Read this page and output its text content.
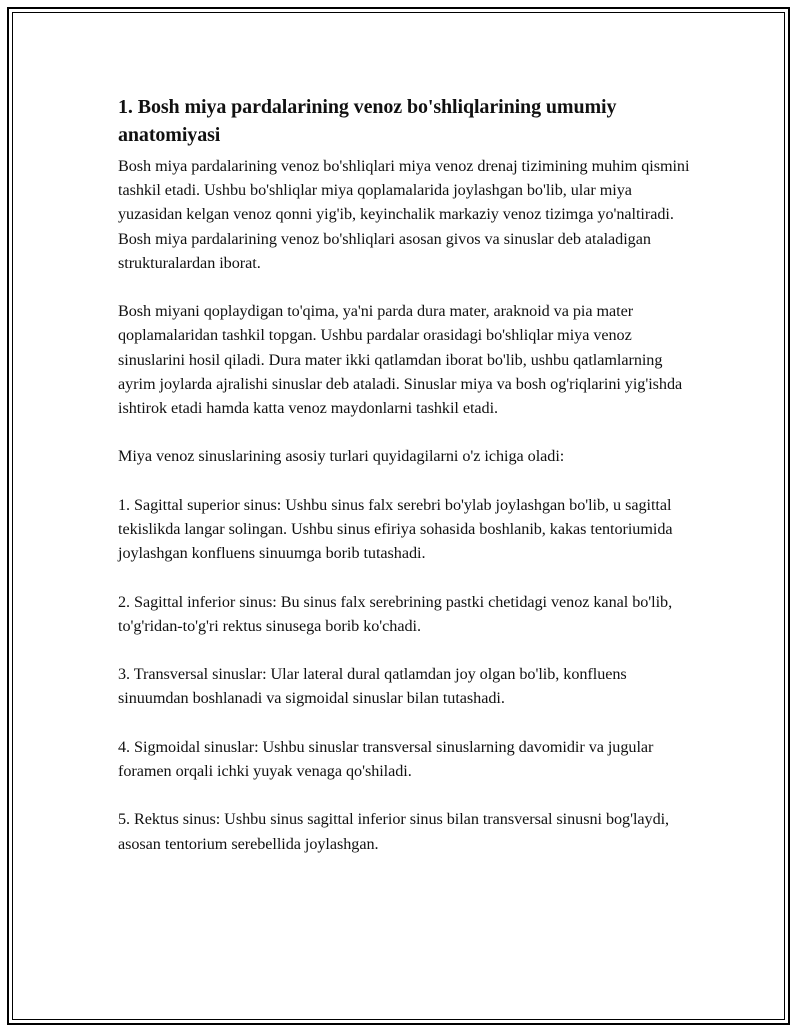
1. Bosh miya pardalarining venoz bo'shliqlarining umumiy anatomiyasi

Bosh miya pardalarining venoz bo'shliqlari miya venoz drenaj tizimining muhim qismini tashkil etadi. Ushbu bo'shliqlar miya qoplamalarida joylashgan bo'lib, ular miya yuzasidan kelgan venoz qonni yig'ib, keyinchalik markaziy venoz tizimga yo'naltiradi. Bosh miya pardalarining venoz bo'shliqlari asosan givos va sinuslar deb ataladigan strukturalardan iborat.

Bosh miyani qoplaydigan to'qima, ya'ni parda dura mater, araknoid va pia mater qoplamalaridan tashkil topgan. Ushbu pardalar orasidagi bo'shliqlar miya venoz sinuslarini hosil qiladi. Dura mater ikki qatlamdan iborat bo'lib, ushbu qatlamlarning ayrim joylarda ajralishi sinuslar deb ataladi. Sinuslar miya va bosh og'riqlarini yig'ishda ishtirok etadi hamda katta venoz maydonlarni tashkil etadi.

Miya venoz sinuslarining asosiy turlari quyidagilarni o'z ichiga oladi:

1. Sagittal superior sinus: Ushbu sinus falx serebri bo'ylab joylashgan bo'lib, u sagittal tekislikda langar solingan. Ushbu sinus efiriya sohasida boshlanib, kakas tentoriumida joylashgan konfluens sinuumga borib tutashadi.

2. Sagittal inferior sinus: Bu sinus falx serebrining pastki chetidagi venoz kanal bo'lib, to'g'ridan-to'g'ri rektus sinusega borib ko'chadi.

3. Transversal sinuslar: Ular lateral dural qatlamdan joy olgan bo'lib, konfluens sinuumdan boshlanadi va sigmoidal sinuslar bilan tutashadi.

4. Sigmoidal sinuslar: Ushbu sinuslar transversal sinuslarning davomidir va jugular foramen orqali ichki yuyak venaga qo'shiladi.

5. Rektus sinus: Ushbu sinus sagittal inferior sinus bilan transversal sinusni bog'laydi, asosan tentorium serebellida joylashgan.
